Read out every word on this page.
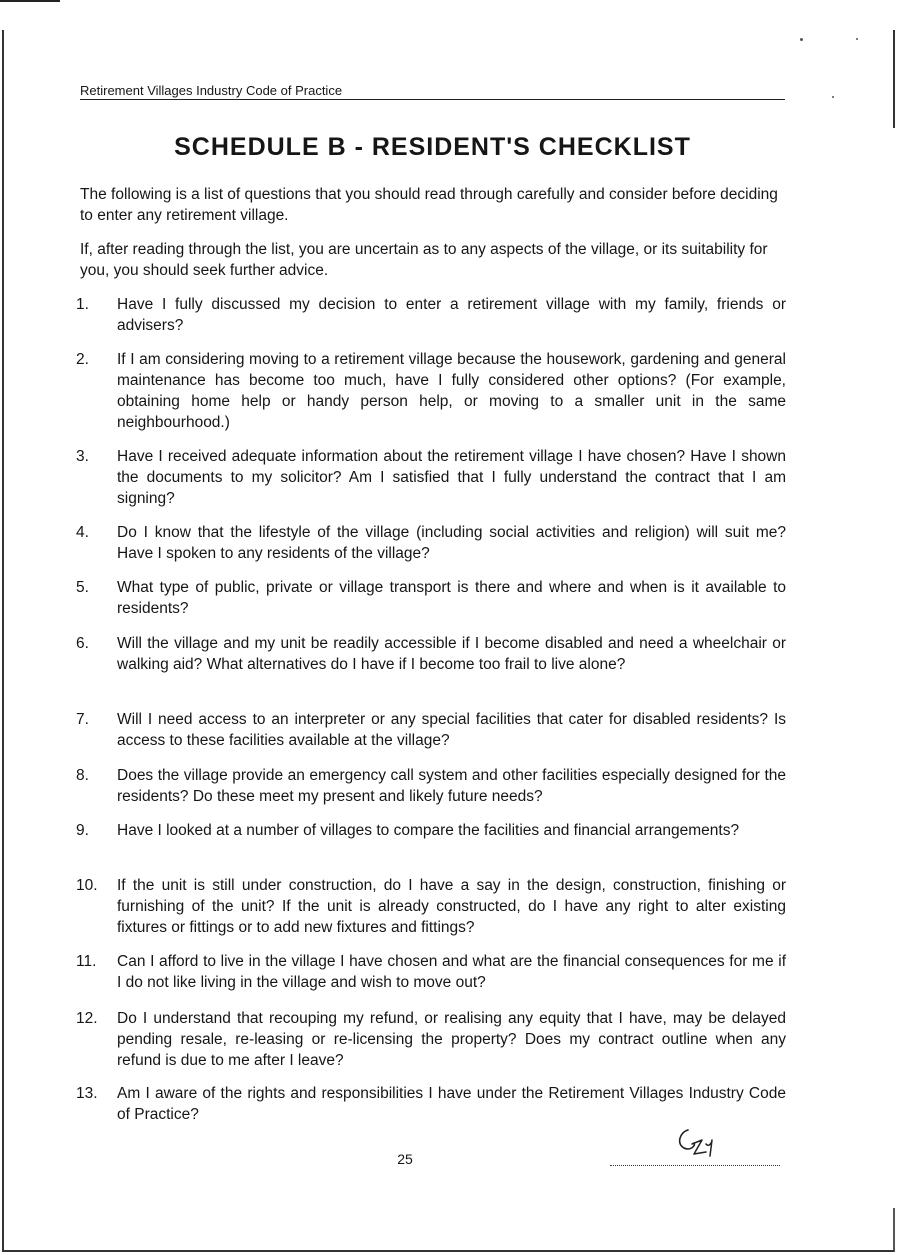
Retirement Villages Industry Code of Practice
SCHEDULE B - RESIDENT'S CHECKLIST

The following is a list of questions that you should read through carefully and consider before deciding to enter any retirement village.

If, after reading through the list, you are uncertain as to any aspects of the village, or its suitability for you, you should seek further advice.

1.	Have I fully discussed my decision to enter a retirement village with my family, friends or advisers?
2.	If I am considering moving to a retirement village because the housework, gardening and general maintenance has become too much, have I fully considered other options? (For example, obtaining home help or handy person help, or moving to a smaller unit in the same neighbourhood.)
3.	Have I received adequate information about the retirement village I have chosen? Have I shown the documents to my solicitor? Am I satisfied that I fully understand the contract that I am signing?
4.	Do I know that the lifestyle of the village (including social activities and religion) will suit me? Have I spoken to any residents of the village?
5.	What type of public, private or village transport is there and where and when is it available to residents?
6.	Will the village and my unit be readily accessible if I become disabled and need a wheelchair or walking aid? What alternatives do I have if I become too frail to live alone?
7.	Will I need access to an interpreter or any special facilities that cater for disabled residents? Is access to these facilities available at the village?
8.	Does the village provide an emergency call system and other facilities especially designed for the residents? Do these meet my present and likely future needs?
9.	Have I looked at a number of villages to compare the facilities and financial arrangements?
10.	If the unit is still under construction, do I have a say in the design, construction, finishing or furnishing of the unit? If the unit is already constructed, do I have any right to alter existing fixtures or fittings or to add new fixtures and fittings?
11.	Can I afford to live in the village I have chosen and what are the financial consequences for me if I do not like living in the village and wish to move out?
12.	Do I understand that recouping my refund, or realising any equity that I have, may be delayed pending resale, re-leasing or re-licensing the property? Does my contract outline when any refund is due to me after I leave?
13.	Am I aware of the rights and responsibilities I have under the Retirement Villages Industry Code of Practice?
25
